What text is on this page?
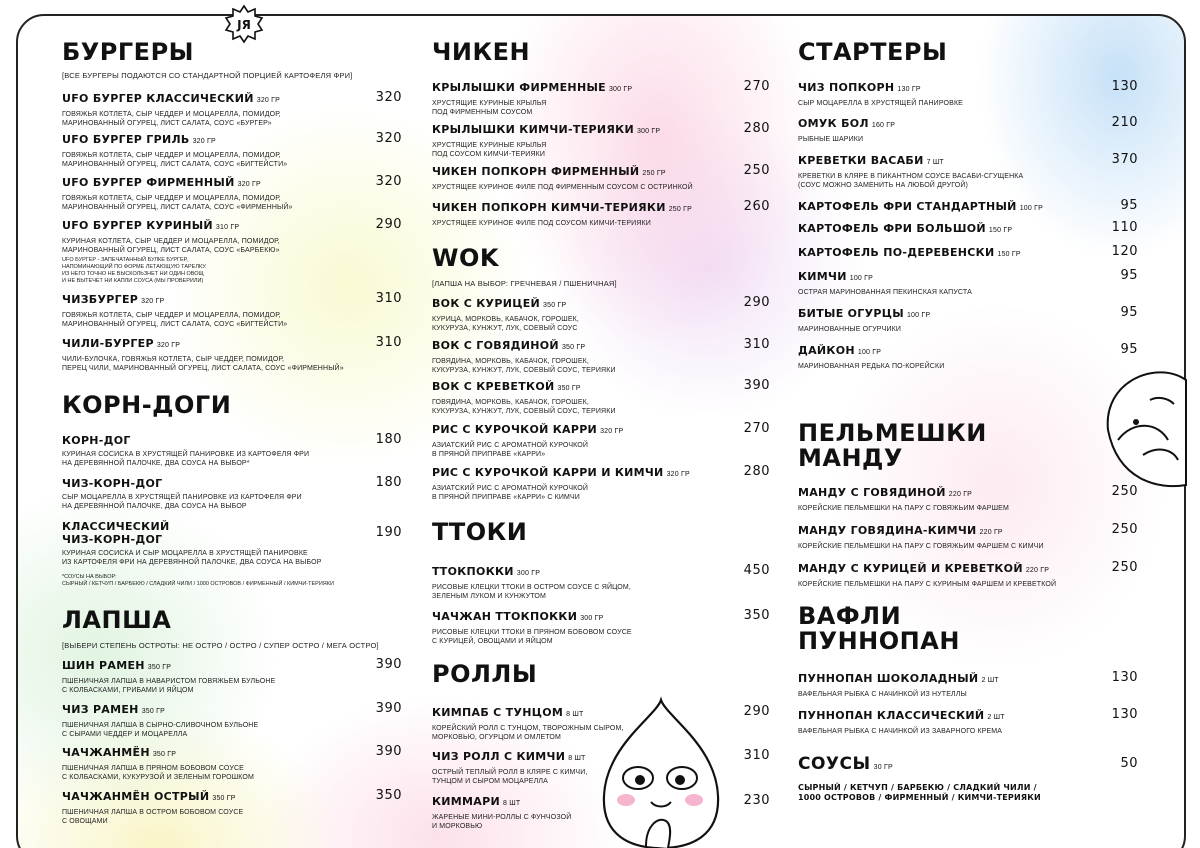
JЯ
БУРГЕРЫ
[ВСЕ БУРГЕРЫ ПОДАЮТСЯ СО СТАНДАРТНОЙ ПОРЦИЕЙ КАРТОФЕЛЯ ФРИ]
UFO БУРГЕР КЛАССИЧЕСКИЙ 320 ГР
ГОВЯЖЬЯ КОТЛЕТА, СЫР ЧЕДДЕР И МОЦАРЕЛЛА, ПОМИДОР,
МАРИНОВАННЫЙ ОГУРЕЦ, ЛИСТ САЛАТА, СОУС «БУРГЕР»
320
UFO БУРГЕР ГРИЛЬ 320 ГР
ГОВЯЖЬЯ КОТЛЕТА, СЫР ЧЕДДЕР И МОЦАРЕЛЛА, ПОМИДОР,
МАРИНОВАННЫЙ ОГУРЕЦ, ЛИСТ САЛАТА, СОУС «БИГТЕЙСТИ»
320
UFO БУРГЕР ФИРМЕННЫЙ 320 ГР
ГОВЯЖЬЯ КОТЛЕТА, СЫР ЧЕДДЕР И МОЦАРЕЛЛА, ПОМИДОР,
МАРИНОВАННЫЙ ОГУРЕЦ, ЛИСТ САЛАТА, СОУС «ФИРМЕННЫЙ»
320
UFO БУРГЕР КУРИНЫЙ 310 ГР
КУРИНАЯ КОТЛЕТА, СЫР ЧЕДДЕР И МОЦАРЕЛЛА, ПОМИДОР,
МАРИНОВАННЫЙ ОГУРЕЦ, ЛИСТ САЛАТА, СОУС «БАРБЕКЮ»
290
ЧИЗБУРГЕР 320 ГР
ГОВЯЖЬЯ КОТЛЕТА, СЫР ЧЕДДЕР И МОЦАРЕЛЛА, ПОМИДОР,
МАРИНОВАННЫЙ ОГУРЕЦ, ЛИСТ САЛАТА, СОУС «БИГТЕЙСТИ»
310
ЧИЛИ-БУРГЕР 320 ГР
ЧИЛИ-БУЛОЧКА, ГОВЯЖЬЯ КОТЛЕТА, СЫР ЧЕДДЕР, ПОМИДОР,
ПЕРЕЦ ЧИЛИ, МАРИНОВАННЫЙ ОГУРЕЦ, ЛИСТ САЛАТА, СОУС «ФИРМЕННЫЙ»
310
UFO БУРГЕР - ЗАПЕЧАТАННЫЙ БУЛКЕ БУРГЕР,
НАПОМИНАЮЩИЙ ПО ФОРМЕ ЛЕТАЮЩУЮ ТАРЕЛКУ.
ИЗ НЕГО ТОЧНО НЕ ВЫСКОЛЬЗНЕТ НИ ОДИН ОВОЩ
И НЕ ВЫТЕЧЕТ НИ КАПЛИ СОУСА (МЫ ПРОВЕРИЛИ)
КОРН-ДОГИ
КОРН-ДОГ
КУРИНАЯ СОСИСКА В ХРУСТЯЩЕЙ ПАНИРОВКЕ ИЗ КАРТОФЕЛЯ ФРИ
НА ДЕРЕВЯННОЙ ПАЛОЧКЕ, ДВА СОУСА НА ВЫБОР*
180
ЧИЗ-КОРН-ДОГ
СЫР МОЦАРЕЛЛА В ХРУСТЯЩЕЙ ПАНИРОВКЕ ИЗ КАРТОФЕЛЯ ФРИ
НА ДЕРЕВЯННОЙ ПАЛОЧКЕ, ДВА СОУСА НА ВЫБОР
180
КЛАССИЧЕСКИЙ
ЧИЗ-КОРН-ДОГ
КУРИНАЯ СОСИСКА И СЫР МОЦАРЕЛЛА В ХРУСТЯЩЕЙ ПАНИРОВКЕ
ИЗ КАРТОФЕЛЯ ФРИ НА ДЕРЕВЯННОЙ ПАЛОЧКЕ, ДВА СОУСА НА ВЫБОР
190
*СОУСЫ НА ВЫБОР:
СЫРНЫЙ / КЕТЧУП / БАРБЕКЮ / СЛАДКИЙ ЧИЛИ / 1000 ОСТРОВОВ / ФИРМЕННЫЙ / КИМЧИ-ТЕРИЯКИ
ЛАПША
[ВЫБЕРИ СТЕПЕНЬ ОСТРОТЫ: НЕ ОСТРО / ОСТРО / СУПЕР ОСТРО / МЕГА ОСТРО]
ШИН РАМЕН 350 ГР
ПШЕНИЧНАЯ ЛАПША В НАВАРИСТОМ ГОВЯЖЬЕМ БУЛЬОНЕ
С КОЛБАСКАМИ, ГРИБАМИ И ЯЙЦОМ
390
ЧИЗ РАМЕН 350 ГР
ПШЕНИЧНАЯ ЛАПША В СЫРНО-СЛИВОЧНОМ БУЛЬОНЕ
С СЫРАМИ ЧЕДДЕР И МОЦАРЕЛЛА
390
ЧАЧЖАНМЁН 350 ГР
ПШЕНИЧНАЯ ЛАПША В ПРЯНОМ БОБОВОМ СОУСЕ
С КОЛБАСКАМИ, КУКУРУЗОЙ И ЗЕЛЕНЫМ ГОРОШКОМ
390
ЧАЧЖАНМЁН ОСТРЫЙ 350 ГР
ПШЕНИЧНАЯ ЛАПША В ОСТРОМ БОБОВОМ СОУСЕ
С ОВОЩАМИ
350
ЧИКЕН
КРЫЛЫШКИ ФИРМЕННЫЕ 300 ГР
ХРУСТЯЩИЕ КУРИНЫЕ КРЫЛЬЯ
ПОД ФИРМЕННЫМ СОУСОМ
270
КРЫЛЫШКИ КИМЧИ-ТЕРИЯКИ 300 ГР
ХРУСТЯЩИЕ КУРИНЫЕ КРЫЛЬЯ
ПОД СОУСОМ КИМЧИ-ТЕРИЯКИ
280
ЧИКЕН ПОПКОРН ФИРМЕННЫЙ 250 ГР
ХРУСТЯЩЕЕ КУРИНОЕ ФИЛЕ ПОД ФИРМЕННЫМ СОУСОМ С ОСТРИНКОЙ
250
ЧИКЕН ПОПКОРН КИМЧИ-ТЕРИЯКИ 250 ГР
ХРУСТЯЩЕЕ КУРИНОЕ ФИЛЕ ПОД СОУСОМ КИМЧИ-ТЕРИЯКИ
260
WOK
[ЛАПША НА ВЫБОР: ГРЕЧНЕВАЯ / ПШЕНИЧНАЯ]
ВОК С КУРИЦЕЙ 350 ГР
КУРИЦА, МОРКОВЬ, КАБАЧОК, ГОРОШЕК,
КУКУРУЗА, КУНЖУТ, ЛУК, СОЕВЫЙ СОУС
290
ВОК С ГОВЯДИНОЙ 350 ГР
ГОВЯДИНА, МОРКОВЬ, КАБАЧОК, ГОРОШЕК,
КУКУРУЗА, КУНЖУТ, ЛУК, СОЕВЫЙ СОУС, ТЕРИЯКИ
310
ВОК С КРЕВЕТКОЙ 350 ГР
ГОВЯДИНА, МОРКОВЬ, КАБАЧОК, ГОРОШЕК,
КУКУРУЗА, КУНЖУТ, ЛУК, СОЕВЫЙ СОУС, ТЕРИЯКИ
390
РИС С КУРОЧКОЙ КАРРИ 320 ГР
АЗИАТСКИЙ РИС С АРОМАТНОЙ КУРОЧКОЙ
В ПРЯНОЙ ПРИПРАВЕ «КАРРИ»
270
РИС С КУРОЧКОЙ КАРРИ И КИМЧИ 320 ГР
АЗИАТСКИЙ РИС С АРОМАТНОЙ КУРОЧКОЙ
В ПРЯНОЙ ПРИПРАВЕ «КАРРИ» С КИМЧИ
280
ТТОКИ
ТТОКПОККИ 300 ГР
РИСОВЫЕ КЛЕЦКИ ТТОКИ В ОСТРОМ СОУСЕ С ЯЙЦОМ,
ЗЕЛЕНЫМ ЛУКОМ И КУНЖУТОМ
450
ЧАЧЖАН ТТОКПОККИ 300 ГР
РИСОВЫЕ КЛЕЦКИ ТТОКИ В ПРЯНОМ БОБОВОМ СОУСЕ
С КУРИЦЕЙ, ОВОЩАМИ И ЯЙЦОМ
350
РОЛЛЫ
КИМПАБ С ТУНЦОМ 8 ШТ
КОРЕЙСКИЙ РОЛЛ С ТУНЦОМ, ТВОРОЖНЫМ СЫРОМ,
МОРКОВЬЮ, ОГУРЦОМ И ОМЛЕТОМ
290
ЧИЗ РОЛЛ С КИМЧИ 8 ШТ
ОСТРЫЙ ТЕПЛЫЙ РОЛЛ В КЛЯРЕ С КИМЧИ,
ТУНЦОМ И СЫРОМ МОЦАРЕЛЛА
310
КИММАРИ 8 ШТ
ЖАРЕНЫЕ МИНИ-РОЛЛЫ С ФУНЧОЗОЙ
И МОРКОВЬЮ
230
СТАРТЕРЫ
ЧИЗ ПОПКОРН 130 ГР
СЫР МОЦАРЕЛЛА В ХРУСТЯЩЕЙ ПАНИРОВКЕ
130
ОМУК БОЛ 160 ГР
РЫБНЫЕ ШАРИКИ
210
КРЕВЕТКИ ВАСАБИ 7 ШТ
КРЕВЕТКИ В КЛЯРЕ В ПИКАНТНОМ СОУСЕ ВАСАБИ-СГУЩЕНКА
(СОУС МОЖНО ЗАМЕНИТЬ НА ЛЮБОЙ ДРУГОЙ)
370
КАРТОФЕЛЬ ФРИ СТАНДАРТНЫЙ 100 ГР	95
КАРТОФЕЛЬ ФРИ БОЛЬШОЙ 150 ГР	110
КАРТОФЕЛЬ ПО-ДЕРЕВЕНСКИ 150 ГР	120
КИМЧИ 100 ГР
ОСТРАЯ МАРИНОВАННАЯ ПЕКИНСКАЯ КАПУСТА
95
БИТЫЕ ОГУРЦЫ 100 ГР
МАРИНОВАННЫЕ ОГУРЧИКИ
95
ДАЙКОН 100 ГР
МАРИНОВАННАЯ РЕДЬКА ПО-КОРЕЙСКИ
95
ПЕЛЬМЕШКИ
МАНДУ
МАНДУ С ГОВЯДИНОЙ 220 ГР
КОРЕЙСКИЕ ПЕЛЬМЕШКИ НА ПАРУ С ГОВЯЖЬИМ ФАРШЕМ
250
МАНДУ ГОВЯДИНА-КИМЧИ 220 ГР
КОРЕЙСКИЕ ПЕЛЬМЕШКИ НА ПАРУ С ГОВЯЖЬИМ ФАРШЕМ С КИМЧИ
250
МАНДУ С КУРИЦЕЙ И КРЕВЕТКОЙ 220 ГР
КОРЕЙСКИЕ ПЕЛЬМЕШКИ НА ПАРУ С КУРИНЫМ ФАРШЕМ И КРЕВЕТКОЙ
250
ВАФЛИ
ПУННОПАН
ПУННОПАН ШОКОЛАДНЫЙ 2 ШТ
ВАФЕЛЬНАЯ РЫБКА С НАЧИНКОЙ ИЗ НУТЕЛЛЫ
130
ПУННОПАН КЛАССИЧЕСКИЙ 2 ШТ
ВАФЕЛЬНАЯ РЫБКА С НАЧИНКОЙ ИЗ ЗАВАРНОГО КРЕМА
130
СОУСЫ 30 ГР
СЫРНЫЙ / КЕТЧУП / БАРБЕКЮ / СЛАДКИЙ ЧИЛИ /
1000 ОСТРОВОВ / ФИРМЕННЫЙ / КИМЧИ-ТЕРИЯКИ
50
